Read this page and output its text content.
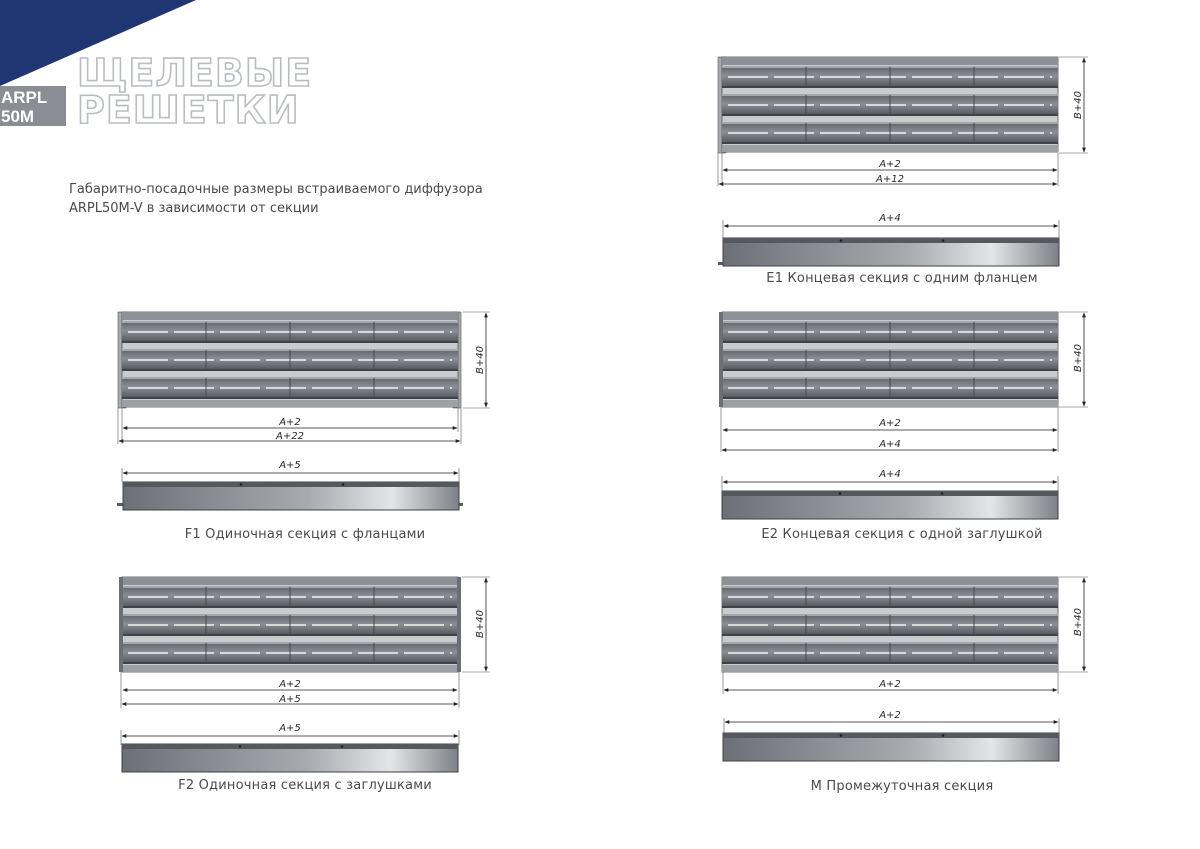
ARPL
50M
ЩЕЛЕВЫЕ
РЕШЕТКИ

Габаритно-посадочные размеры встраиваемого диффузора
ARPL50M-V в зависимости от секции

B+40
A+2
A+22
A+5
B+40
A+2
A+5
A+5
B+40
A+2
A+12
A+4
B+40
A+2
A+4
A+4
B+40
A+2
A+2
F1 Одиночная секция с фланцами
F2 Одиночная секция с заглушками
E1 Концевая секция с одним фланцем
E2 Концевая секция с одной заглушкой
M Промежуточная секция
